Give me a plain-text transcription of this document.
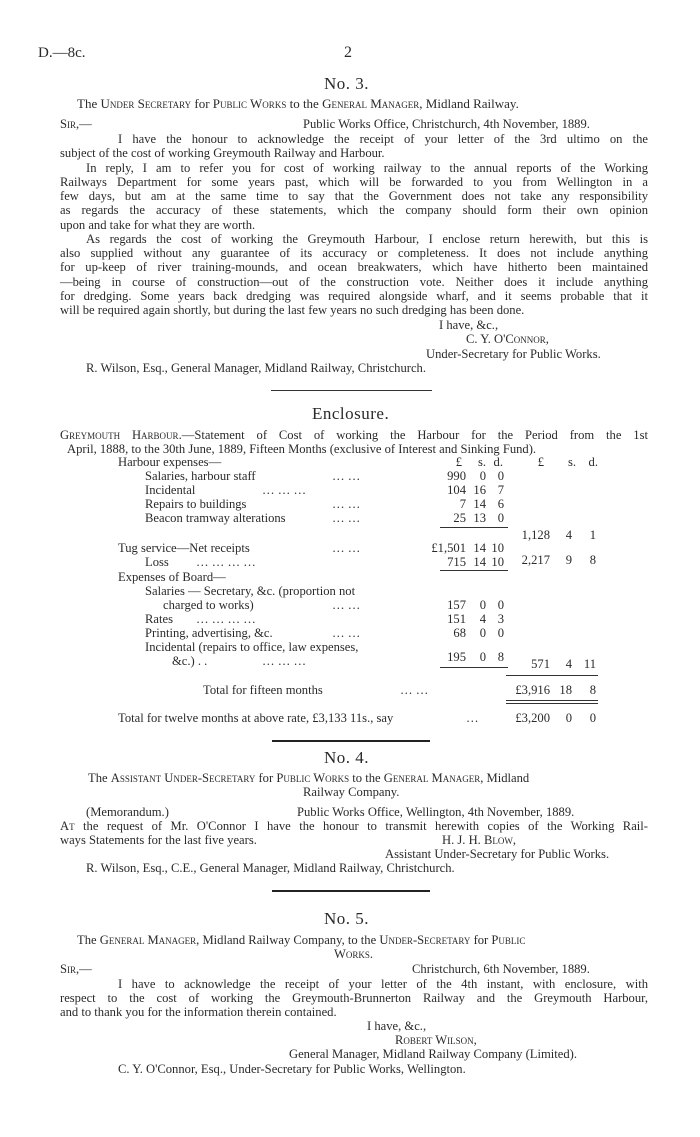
D.—8c.	2
No. 3.
The Under Secretary for Public Works to the General Manager, Midland Railway.
Sir,—	Public Works Office, Christchurch, 4th November, 1889.
I have the honour to acknowledge the receipt of your letter of the 3rd ultimo on the
subject of the cost of working Greymouth Railway and Harbour.
In reply, I am to refer you for cost of working railway to the annual reports of the Working
Railways Department for some years past, which will be forwarded to you from Wellington in a
few days, but am at the same time to say that the Government does not take any responsibility
as regards the accuracy of these statements, which the company should form their own opinion
upon and take for what they are worth.
As regards the cost of working the Greymouth Harbour, I enclose return herewith, but this is
also supplied without any guarantee of its accuracy or completeness. It does not include anything
for up-keep of river training-mounds, and ocean breakwaters, which have hitherto been maintained
—being in course of construction—out of the construction vote. Neither does it include anything
for dredging. Some years back dredging was required alongside wharf, and it seems probable that it
will be required again shortly, but during the last few years no such dredging has been done.
I have, &c.,
C. Y. O'Connor,
Under-Secretary for Public Works.
R. Wilson, Esq., General Manager, Midland Railway, Christchurch.
Enclosure.
Greymouth Harbour.—Statement of Cost of working the Harbour for the Period from the 1st
April, 1888, to the 30th June, 1889, Fifteen Months (exclusive of Interest and Sinking Fund).
£	s. d.	£	s. d.
Harbour expenses—
Salaries, harbour staff	… …	990	0 0
Incidental	… … …	104 16 7
Repairs to buildings	… …	7 14 6
Beacon tramway alterations	… …	25 13 0
1,128	4	1
Tug service—Net receipts	… …	£1,501 14 10
Loss … … … …	715 14 10	2,217	9	8
Expenses of Board—
Salaries — Secretary, &c. (proportion not
charged to works)	… …	157	0 0
Rates … … … …	151	4 3
Printing, advertising, &c.	… …	68	0 0
Incidental (repairs to office, law expenses,
&c.) . .	… … …	195	0 8	571	4 11
Total for fifteen months	… …	£3,916 18	8
Total for twelve months at above rate, £3,133 11s., say	…	£3,200	0	0
No. 4.
The Assistant Under-Secretary for Public Works to the General Manager, Midland
Railway Company.
(Memorandum.)	Public Works Office, Wellington, 4th November, 1889.
At the request of Mr. O'Connor I have the honour to transmit herewith copies of the Working Rail-
ways Statements for the last five years.	H. J. H. Blow,
Assistant Under-Secretary for Public Works.
R. Wilson, Esq., C.E., General Manager, Midland Railway, Christchurch.
No. 5.
The General Manager, Midland Railway Company, to the Under-Secretary for Public
Works.
Sir,—	Christchurch, 6th November, 1889.
I have to acknowledge the receipt of your letter of the 4th instant, with enclosure, with
respect to the cost of working the Greymouth-Brunnerton Railway and the Greymouth Harbour,
and to thank you for the information therein contained.
I have, &c.,
Robert Wilson,
General Manager, Midland Railway Company (Limited).
C. Y. O'Connor, Esq., Under-Secretary for Public Works, Wellington.
